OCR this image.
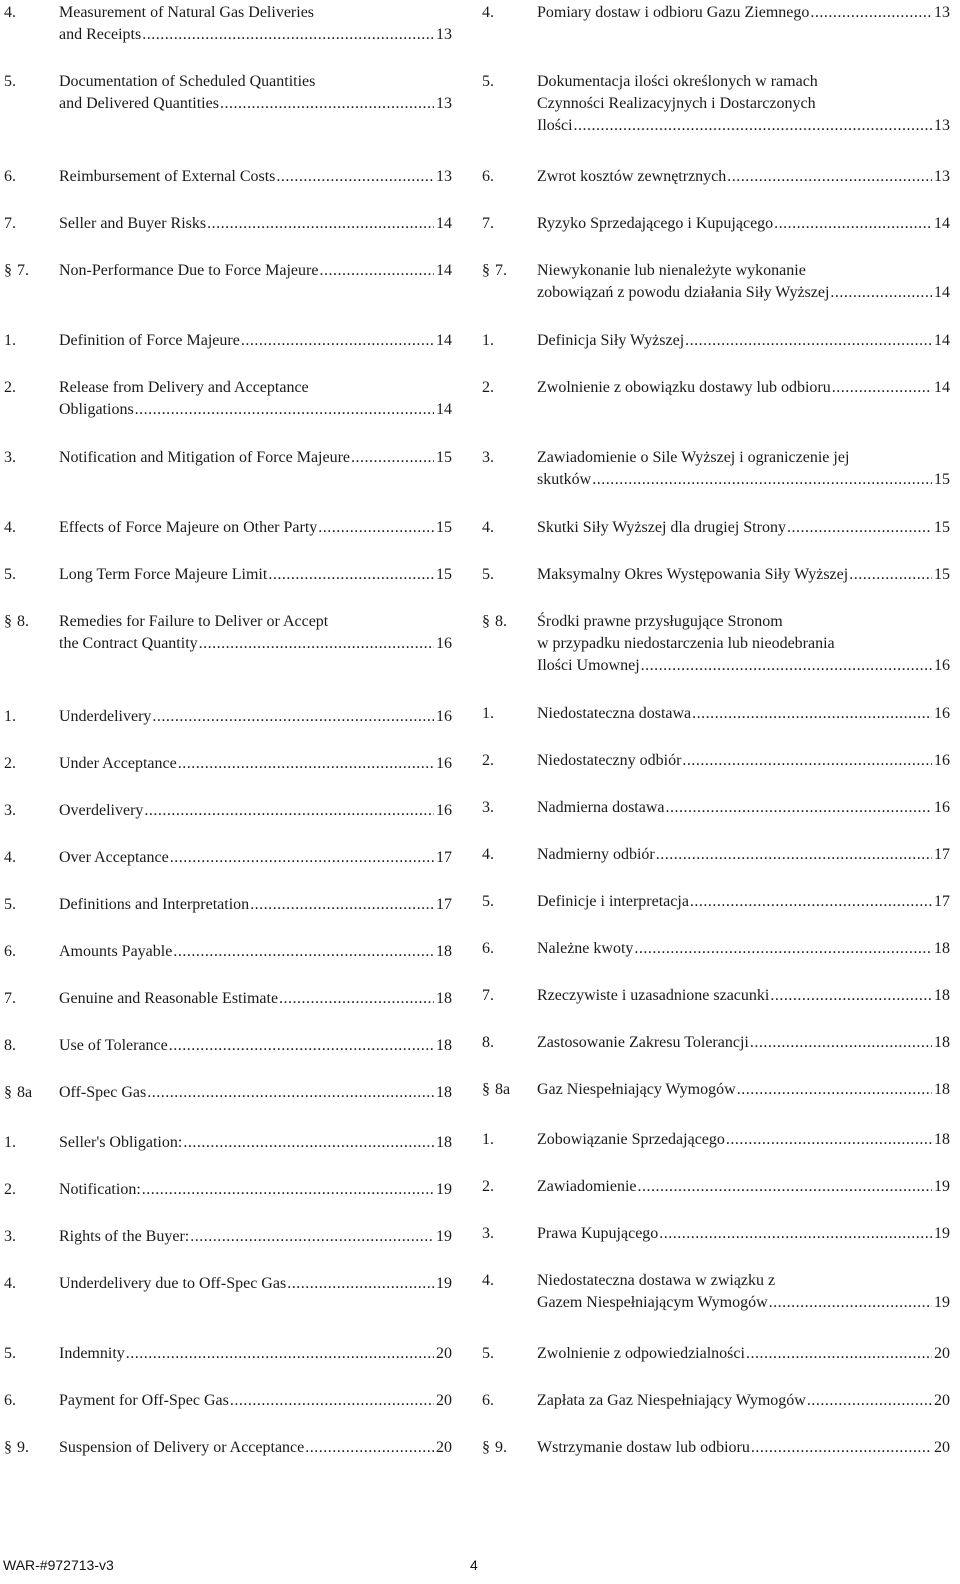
4.	Measurement of Natural Gas Deliveries
and Receipts .....	13
5.	Documentation of Scheduled Quantities
and Delivered Quantities .....	13
6.	Reimbursement of External Costs .....	13
7.	Seller and Buyer Risks .....	14
§ 7. Non-Performance Due to Force Majeure .....	14
1.	Definition of Force Majeure .....	14
2.	Release from Delivery and Acceptance
Obligations .....	14
3.	Notification and Mitigation of Force Majeure .....	15
4.	Effects of Force Majeure on Other Party .....	15
5.	Long Term Force Majeure Limit .....	15
§ 8. Remedies for Failure to Deliver or Accept
the Contract Quantity .....	16
1.	Underdelivery .....	16
2.	Under Acceptance .....	16
3.	Overdelivery .....	16
4.	Over Acceptance .....	17
5.	Definitions and Interpretation .....	17
6.	Amounts Payable .....	18
7.	Genuine and Reasonable Estimate .....	18
8.	Use of Tolerance .....	18
§ 8a Off-Spec Gas .....	18
1.	Seller's Obligation: .....	18
2.	Notification: .....	19
3.	Rights of the Buyer: .....	19
4.	Underdelivery due to Off-Spec Gas .....	19
5.	Indemnity .....	20
6.	Payment for Off-Spec Gas .....	20
§ 9. Suspension of Delivery or Acceptance .....	20
4.	Pomiary dostaw i odbioru Gazu Ziemnego .....	13
5.	Dokumentacja ilości określonych w ramach
Czynności Realizacyjnych i Dostarczonych
Ilości .....	13
6.	Zwrot kosztów zewnętrznych .....	13
7.	Ryzyko Sprzedającego i Kupującego .....	14
§ 7. Niewykonanie lub nienależyte wykonanie
zobowiązań z powodu działania Siły Wyższej .....	14
1.	Definicja Siły Wyższej .....	14
2.	Zwolnienie z obowiązku dostawy lub odbioru .....	14
3.	Zawiadomienie o Sile Wyższej i ograniczenie jej
skutków .....	15
4.	Skutki Siły Wyższej dla drugiej Strony .....	15
5.	Maksymalny Okres Występowania Siły Wyższej .....	15
§ 8. Środki prawne przysługujące Stronom
w przypadku niedostarczenia lub nieodebrania
Ilości Umownej .....	16
1.	Niedostateczna dostawa .....	16
2.	Niedostateczny odbiór .....	16
3.	Nadmierna dostawa .....	16
4.	Nadmierny odbiór .....	17
5.	Definicje i interpretacja .....	17
6.	Należne kwoty .....	18
7.	Rzeczywiste i uzasadnione szacunki .....	18
8.	Zastosowanie Zakresu Tolerancji .....	18
§ 8a Gaz Niespełniający Wymogów .....	18
1.	Zobowiązanie Sprzedającego .....	18
2.	Zawiadomienie .....	19
3.	Prawa Kupującego .....	19
4.	Niedostateczna dostawa w związku z
Gazem Niespełniającym Wymogów .....	19
5.	Zwolnienie z odpowiedzialności .....	20
6.	Zapłata za Gaz Niespełniający Wymogów .....	20
§ 9. Wstrzymanie dostaw lub odbioru .....	20
WAR-#972713-v3	4
